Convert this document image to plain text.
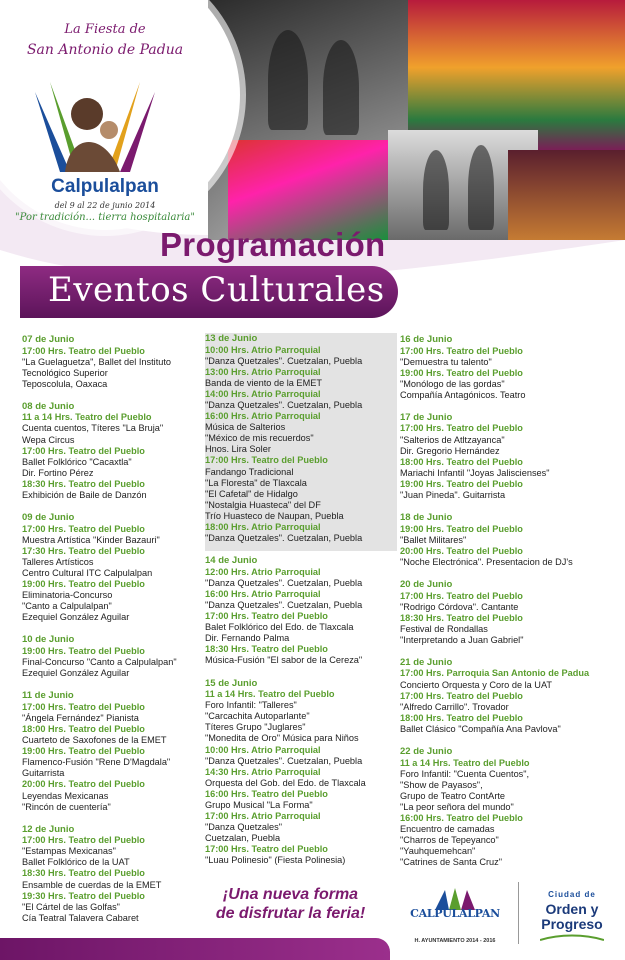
La Fiesta de
San Antonio de Padua
Calpulalpan
del 9 al 22 de junio 2014
"Por tradición... tierra hospitalaria"
Programación
Eventos Culturales
07 de Junio
17:00 Hrs. Teatro del Pueblo
"La Guelaguetza", Ballet del Instituto
Tecnológico Superior
Teposcolula, Oaxaca
08 de Junio
11 a 14 Hrs. Teatro del Pueblo
Cuenta cuentos, Títeres "La Bruja"
Wepa Circus
17:00 Hrs. Teatro del Pueblo
Ballet Folklórico "Cacaxtla"
Dir. Fortino Pérez
18:30 Hrs. Teatro del Pueblo
Exhibición de Baile de Danzón
09 de Junio
17:00 Hrs. Teatro del Pueblo
Muestra Artística "Kinder Bazauri"
17:30 Hrs. Teatro del Pueblo
Talleres Artísticos
Centro Cultural ITC Calpulalpan
19:00 Hrs. Teatro del Pueblo
Eliminatoria-Concurso
"Canto a Calpulalpan"
Ezequiel González Aguilar
10 de Junio
19:00 Hrs. Teatro del Pueblo
Final-Concurso "Canto a Calpulalpan"
Ezequiel González Aguilar
11 de Junio
17:00 Hrs. Teatro del Pueblo
"Ángela Fernández" Pianista
18:00 Hrs. Teatro del Pueblo
Cuarteto de Saxofones de la EMET
19:00 Hrs. Teatro del Pueblo
Flamenco-Fusión "Rene D'Magdala"
Guitarrista
20:00 Hrs. Teatro del Pueblo
Leyendas Mexicanas
"Rincón de cuentería"
12 de Junio
17:00 Hrs. Teatro del Pueblo
"Estampas Mexicanas"
Ballet Folklórico de la UAT
18:30 Hrs. Teatro del Pueblo
Ensamble de cuerdas de la EMET
19:30 Hrs. Teatro del Pueblo
"El Cártel de las Golfas"
Cía Teatral Talavera Cabaret
13 de Junio
10:00 Hrs. Atrio Parroquial
"Danza Quetzales". Cuetzalan, Puebla
13:00 Hrs. Atrio Parroquial
Banda de viento de la EMET
14:00 Hrs. Atrio Parroquial
"Danza Quetzales". Cuetzalan, Puebla
16:00 Hrs. Atrio Parroquial
Música de Salterios
"México de mis recuerdos"
Hnos. Lira Soler
17:00 Hrs. Teatro del Pueblo
Fandango Tradicional
"La Floresta" de Tlaxcala
"El Cafetal" de Hidalgo
"Nostalgia Huasteca" del DF
Trío Huasteco de Naupan, Puebla
18:00 Hrs. Atrio Parroquial
"Danza Quetzales". Cuetzalan, Puebla
14 de Junio
12:00 Hrs. Atrio Parroquial
"Danza Quetzales". Cuetzalan, Puebla
16:00 Hrs. Atrio Parroquial
"Danza Quetzales". Cuetzalan, Puebla
17:00 Hrs. Teatro del Pueblo
Balet Folklórico del Edo. de Tlaxcala
Dir. Fernando Palma
18:30 Hrs. Teatro del Pueblo
Música-Fusión "El sabor de la Cereza"
15 de Junio
11 a 14 Hrs. Teatro del Pueblo
Foro Infantil: "Talleres"
"Carcachita Autoparlante"
Títeres Grupo "Juglares"
"Monedita de Oro" Música para Niños
10:00 Hrs. Atrio Parroquial
"Danza Quetzales". Cuetzalan, Puebla
14:30 Hrs. Atrio Parroquial
Orquesta del Gob. del Edo. de Tlaxcala
16:00 Hrs. Teatro del Pueblo
Grupo Musical "La Forma"
17:00 Hrs. Atrio Parroquial
"Danza Quetzales"
Cuetzalan, Puebla
17:00 Hrs. Teatro del Pueblo
"Luau Polinesio" (Fiesta Polinesia)
16 de Junio
17:00 Hrs. Teatro del Pueblo
"Demuestra tu talento"
19:00 Hrs. Teatro del Pueblo
"Monólogo de las gordas"
Compañía Antagónicos. Teatro
17 de Junio
17:00 Hrs. Teatro del Pueblo
"Salterios de Atltzayanca"
Dir. Gregorio Hernández
18:00 Hrs. Teatro del Pueblo
Mariachi Infantil "Joyas Jaliscienses"
19:00 Hrs. Teatro del Pueblo
"Juan Pineda". Guitarrista
18 de Junio
19:00 Hrs. Teatro del Pueblo
"Ballet Militares"
20:00 Hrs. Teatro del Pueblo
"Noche Electrónica". Presentacion de DJ's
20 de Junio
17:00 Hrs. Teatro del Pueblo
"Rodrigo Córdova". Cantante
18:30 Hrs. Teatro del Pueblo
Festival de Rondallas
"Interpretando a Juan Gabriel"
21 de Junio
17:00 Hrs. Parroquia San Antonio de Padua
Concierto Orquesta y Coro de la UAT
17:00 Hrs. Teatro del Pueblo
"Alfredo Carrillo". Trovador
18:00 Hrs. Teatro del Pueblo
Ballet Clásico "Compañía Ana Pavlova"
22 de Junio
11 a 14 Hrs. Teatro del Pueblo
Foro Infantil: "Cuenta Cuentos",
"Show de Payasos",
Grupo de Teatro ContArte
"La peor señora del mundo"
16:00 Hrs. Teatro del Pueblo
Encuentro de camadas
"Charros de Tepeyanco"
"Yauhquemehcan"
"Catrines de Santa Cruz"
¡Una nueva forma
de disfrutar la feria!	CALPULALPAN
H. AYUNTAMIENTO 2014 - 2016
Ciudad de
Orden y
Progreso
